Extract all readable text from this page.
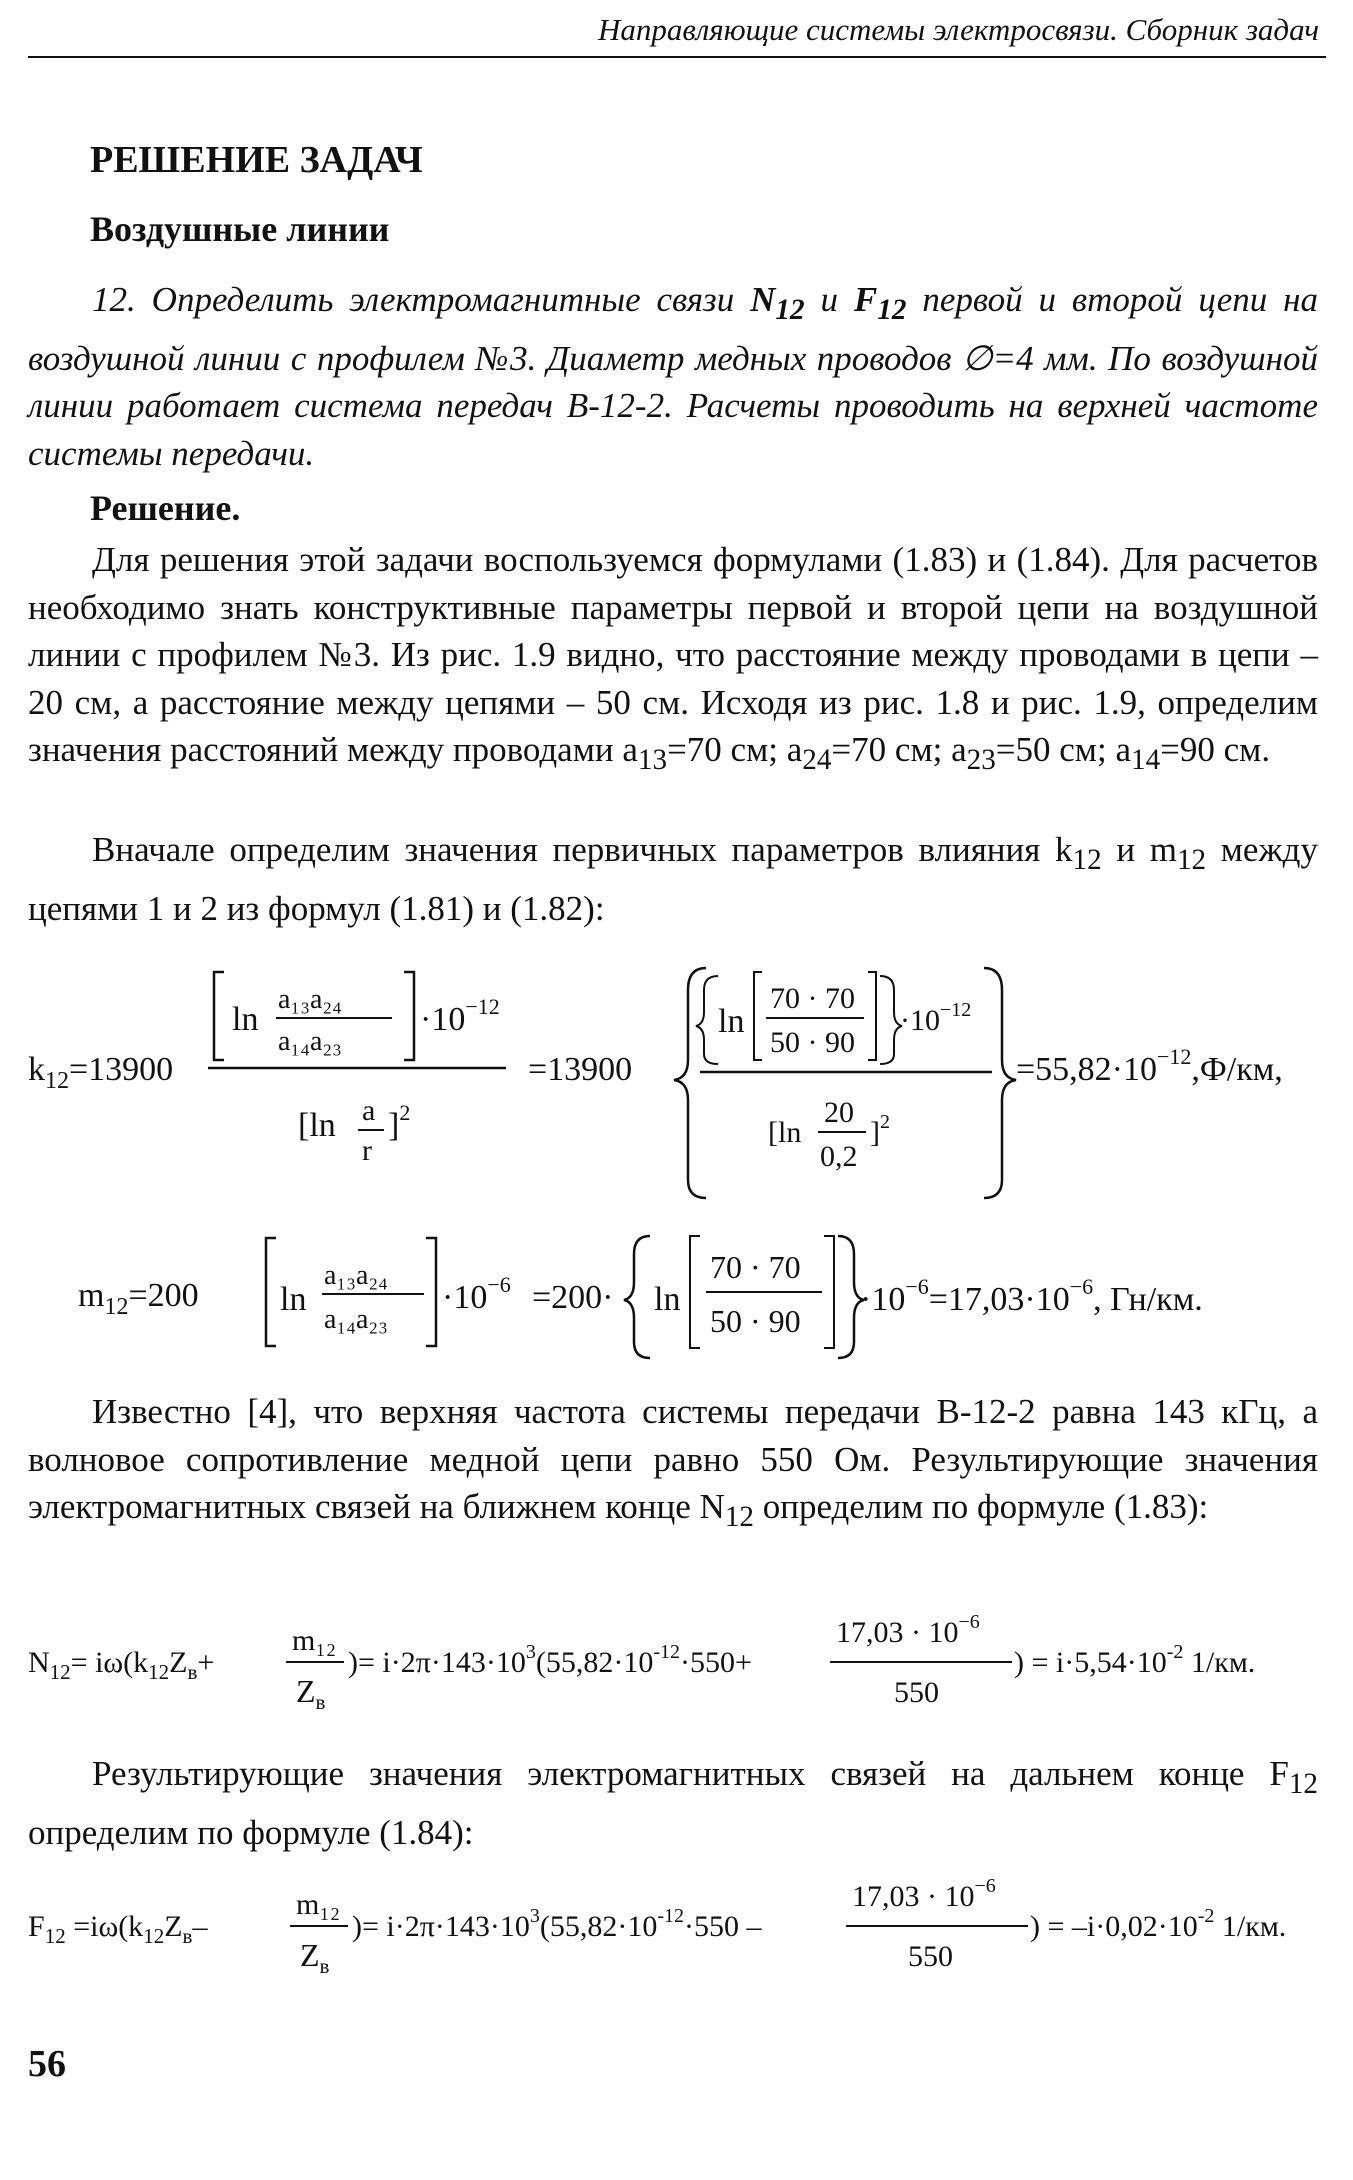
Направляющие системы электросвязи. Сборник задач
РЕШЕНИЕ ЗАДАЧ
Воздушные линии
12. Определить электромагнитные связи $N_{12}$ и $F_{12}$ первой и второй цепи на воздушной линии с профилем №3. Диаметр медных проводов ∅=4 мм. По воздушной линии работает система передач В-12-2. Расчеты проводить на верхней частоте системы передачи.
Решение.
Для решения этой задачи воспользуемся формулами (1.83) и (1.84). Для расчетов необходимо знать конструктивные параметры первой и второй цепи на воздушной линии с профилем №3. Из рис. 1.9 видно, что расстояние между проводами в цепи – 20 см, а расстояние между цепями – 50 см. Исходя из рис. 1.8 и рис. 1.9, определим значения расстояний между проводами $a_{13}=70$ см; $a_{24}=70$ см; $a_{23}=50$ см; $a_{14}=90$ см.
Вначале определим значения первичных параметров влияния $k_{12}$ и $m_{12}$ между цепями 1 и 2 из формул (1.81) и (1.82):
$k_{12}=13900$
ln
a₁₃a₂₄
a₁₄a₂₃
$\cdot 10^{-12}$
[ln a
r
]$^2$
=13900
ln
70 · 70
50 · 90
$\cdot 10^{-12}$
[ln
20
0,2
]$^2$
$=55,82\cdot 10^{-12},Ф/км$,
$m_{12}=200$ ln
a₁₃a₂₄
a₁₄a₂₃
$\cdot 10^{-6} =200\cdot \ln$
70 · 70
50 · 90
$\cdot 10^{-6}=17,03\cdot 10^{-6}$, Гн/км.
Известно [4], что верхняя частота системы передачи В-12-2 равна 143 кГц, а волновое сопротивление медной цепи равно 550 Ом. Результирующие значения электромагнитных связей на ближнем конце $N_{12}$ определим по формуле (1.83):
$N_{12}= i\omega(k_{12}Z_в+$
m₁₂
$Z_в$
)= $i\cdot 2\pi\cdot 143\cdot 10^3(55,82\cdot 10^{-12}\cdot 550+$
$17,03 \cdot 10^{-6}$
550
) = $i\cdot 5,54\cdot 10^{-2}$ 1/км.
Результирующие значения электромагнитных связей на дальнем конце $F_{12}$ определим по формуле (1.84):
$F_{12} =i\omega(k_{12}Z_в-$
m₁₂
$Z_в$
)= $i\cdot 2\pi\cdot 143\cdot 10^3(55,82\cdot 10^{-12}\cdot 550$ –
$17,03 \cdot 10^{-6}$
550
) = $-i\cdot 0,02\cdot 10^{-2}$ 1/км.
56
